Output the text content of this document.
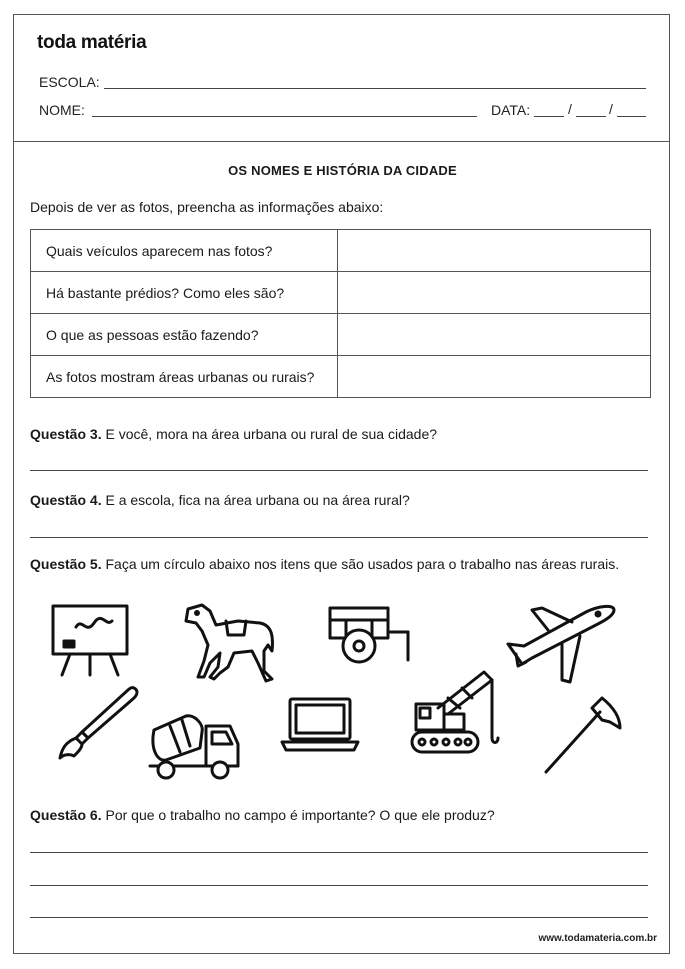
toda matéria
ESCOLA:
NOME:	DATA:	/	/
OS NOMES E HISTÓRIA DA CIDADE
Depois de ver as fotos, preencha as informações abaixo:
Quais veículos aparecem nas fotos?	
Há bastante prédios? Como eles são?	
O que as pessoas estão fazendo?	
As fotos mostram áreas urbanas ou rurais?	
Questão 3. E você, mora na área urbana ou rural de sua cidade?
Questão 4. E a escola, fica na área urbana ou na área rural?
Questão 5. Faça um círculo abaixo nos itens que são usados para o trabalho nas áreas rurais.
Questão 6. Por que o trabalho no campo é importante? O que ele produz?
www.todamateria.com.br
